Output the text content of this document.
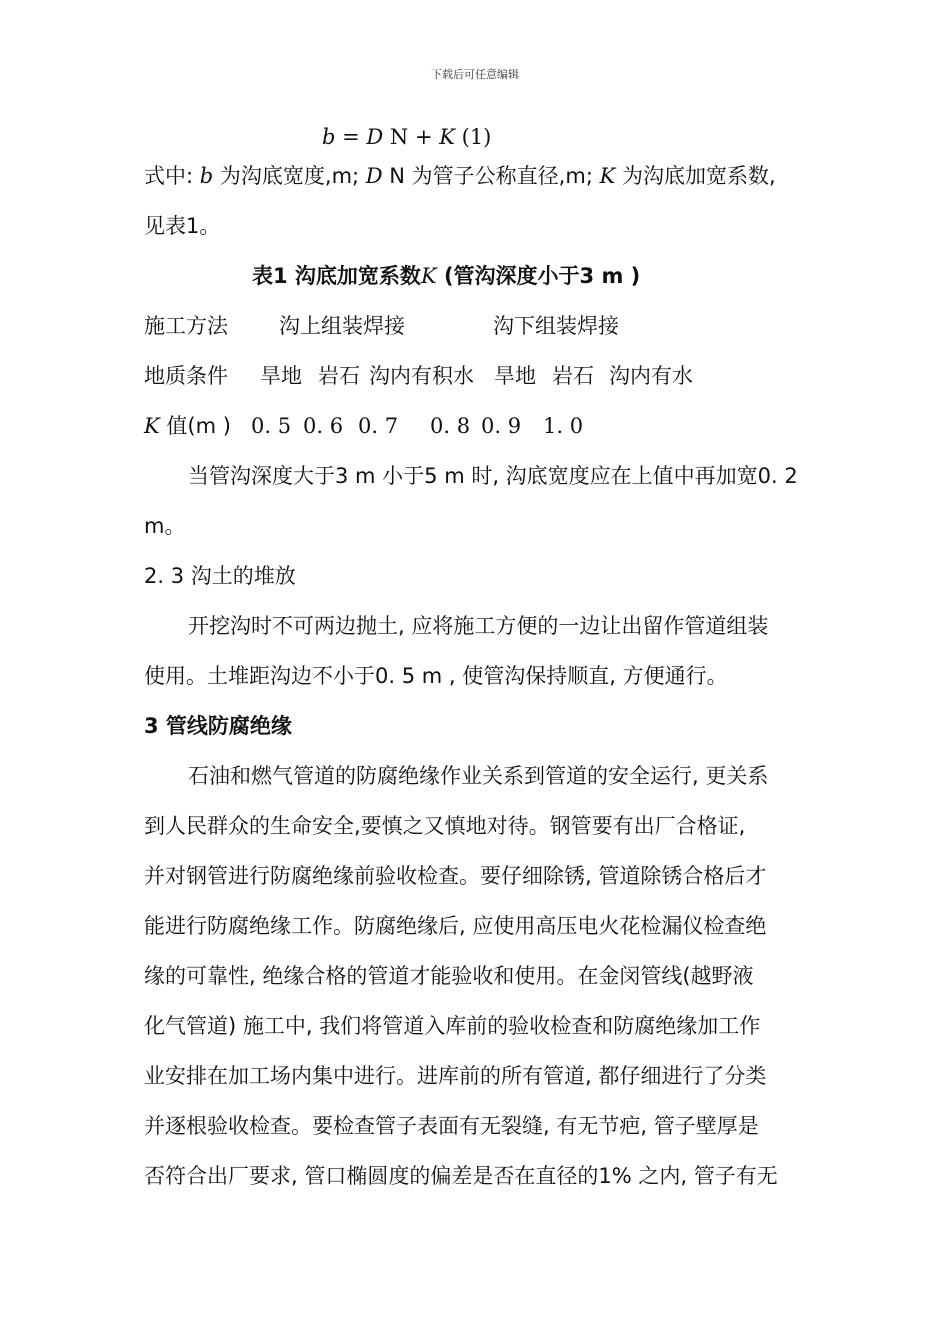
下载后可任意编辑
b = D N + K (1)
式中: b 为沟底宽度,m; D N 为管子公称直径,m; K 为沟底加宽系数,
见表1。
表1 沟底加宽系数K (管沟深度小于3 m )
施工方法 沟上组装焊接	沟下组装焊接
地质条件 旱地 岩石 沟内有积水 旱地 岩石 沟内有水
K 值(m ) 0. 5 0. 6 0. 7 0. 8 0. 9 1. 0
当管沟深度大于3 m 小于5 m 时, 沟底宽度应在上值中再加宽0. 2
m。
2. 3 沟土的堆放
开挖沟时不可两边抛土, 应将施工方便的一边让出留作管道组装
使用。土堆距沟边不小于0. 5 m , 使管沟保持顺直, 方便通行。
3 管线防腐绝缘
石油和燃气管道的防腐绝缘作业关系到管道的安全运行, 更关系
到人民群众的生命安全,要慎之又慎地对待。钢管要有出厂合格证,
并对钢管进行防腐绝缘前验收检查。要仔细除锈, 管道除锈合格后才
能进行防腐绝缘工作。防腐绝缘后, 应使用高压电火花检漏仪检查绝
缘的可靠性, 绝缘合格的管道才能验收和使用。在金闵管线(越野液
化气管道) 施工中, 我们将管道入库前的验收检查和防腐绝缘加工作
业安排在加工场内集中进行。进库前的所有管道, 都仔细进行了分类
并逐根验收检查。要检查管子表面有无裂缝, 有无节疤, 管子壁厚是
否符合出厂要求, 管口椭圆度的偏差是否在直径的1% 之内, 管子有无
